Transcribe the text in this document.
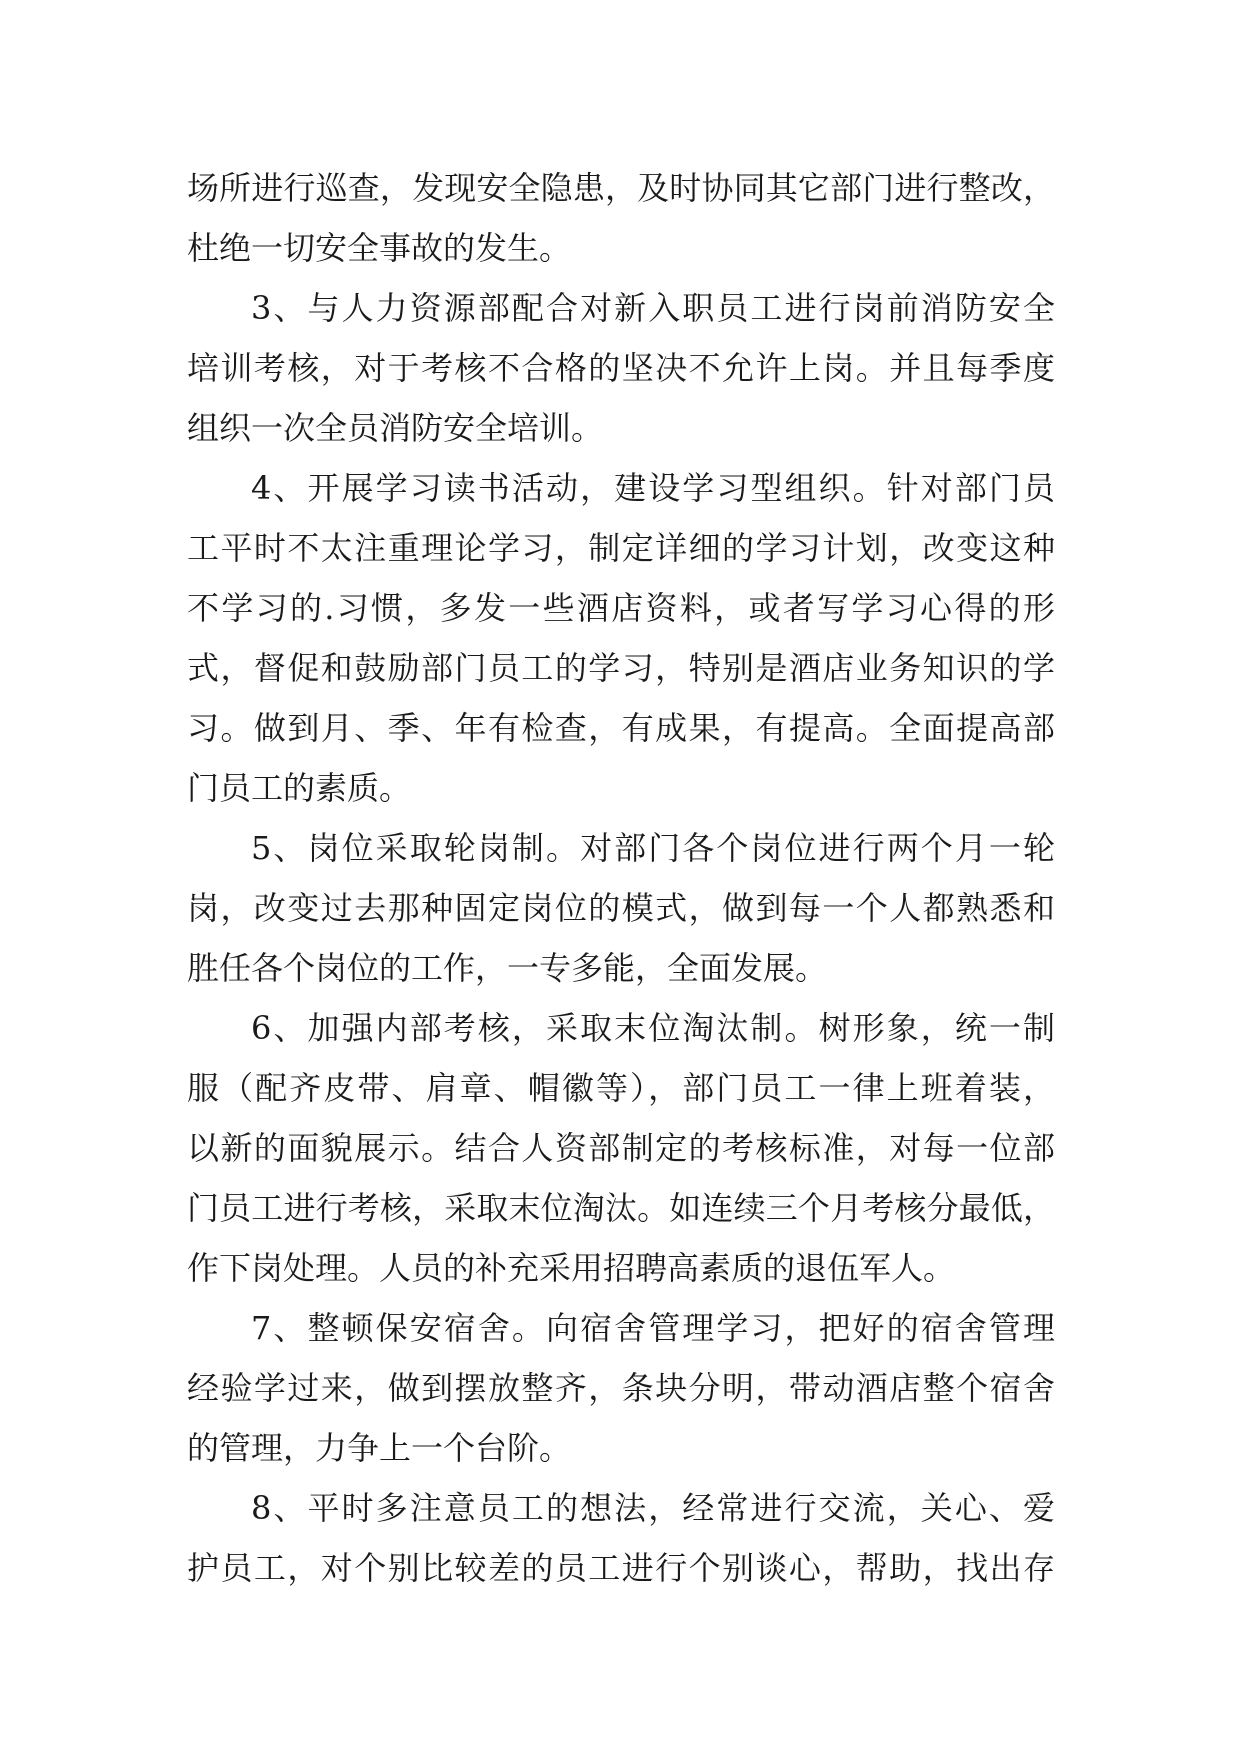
场所进行巡查，发现安全隐患，及时协同其它部门进行整改，
杜绝一切安全事故的发生。
3、与人力资源部配合对新入职员工进行岗前消防安全
培训考核，对于考核不合格的坚决不允许上岗。并且每季度
组织一次全员消防安全培训。
4、开展学习读书活动，建设学习型组织。针对部门员
工平时不太注重理论学习，制定详细的学习计划，改变这种
不学习的.习惯，多发一些酒店资料，或者写学习心得的形
式，督促和鼓励部门员工的学习，特别是酒店业务知识的学
习。做到月、季、年有检查，有成果，有提高。全面提高部
门员工的素质。
5、岗位采取轮岗制。对部门各个岗位进行两个月一轮
岗，改变过去那种固定岗位的模式，做到每一个人都熟悉和
胜任各个岗位的工作，一专多能，全面发展。
6、加强内部考核，采取末位淘汰制。树形象，统一制
服（配齐皮带、肩章、帽徽等），部门员工一律上班着装，
以新的面貌展示。结合人资部制定的考核标准，对每一位部
门员工进行考核，采取末位淘汰。如连续三个月考核分最低，
作下岗处理。人员的补充采用招聘高素质的退伍军人。
7、整顿保安宿舍。向宿舍管理学习，把好的宿舍管理
经验学过来，做到摆放整齐，条块分明，带动酒店整个宿舍
的管理，力争上一个台阶。
8、平时多注意员工的想法，经常进行交流，关心、爱
护员工，对个别比较差的员工进行个别谈心，帮助，找出存
